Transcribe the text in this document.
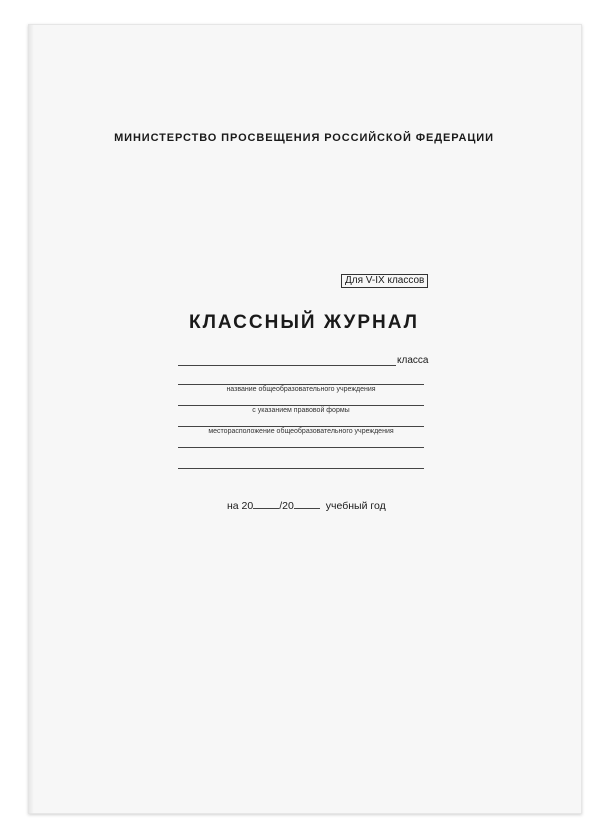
МИНИСТЕРСТВО ПРОСВЕЩЕНИЯ РОССИЙСКОЙ ФЕДЕРАЦИИ
Для V-IX классов
КЛАССНЫЙ ЖУРНАЛ
класса
название общеобразовательного учреждения
с указанием правовой формы
месторасположение общеобразовательного учреждения
на 20 /20	учебный год
